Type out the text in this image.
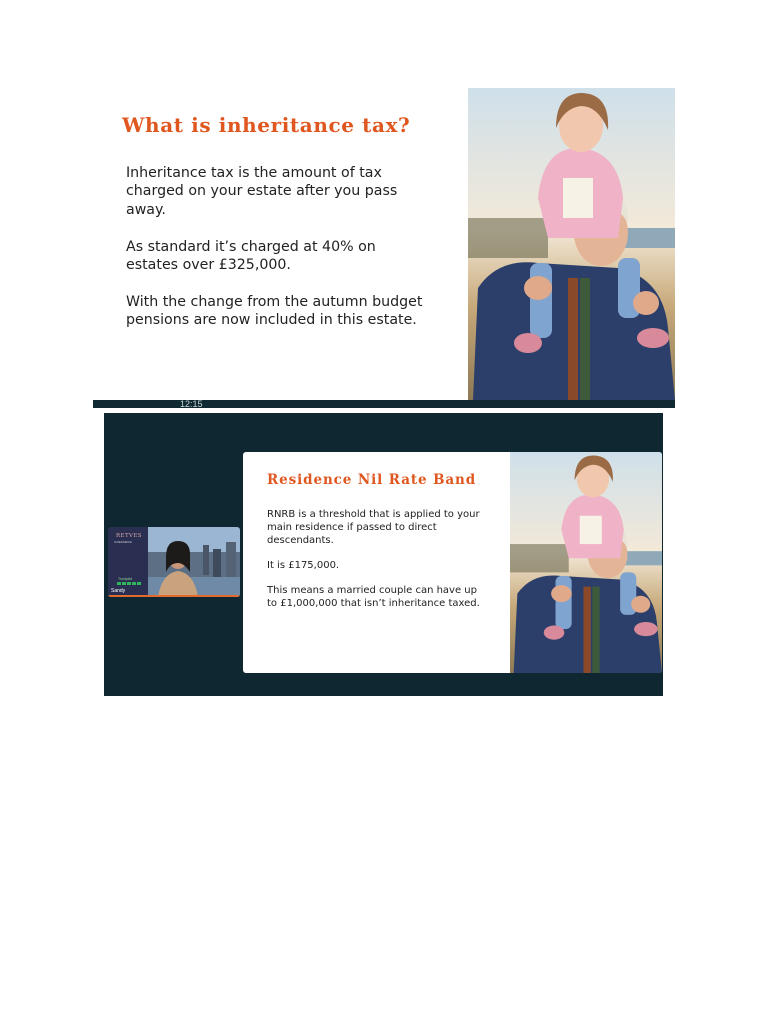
What is inheritance tax?

Inheritance tax is the amount of tax charged on your estate after you pass away.

As standard it’s charged at 40% on estates over £325,000.

With the change from the autumn budget pensions are now included in this estate.

12:15
RETVES
IN RESIDENCE
Trustpilot
Sandy
Residence Nil Rate Band

RNRB is a threshold that is applied to your main residence if passed to direct descendants.

It is £175,000.

This means a married couple can have up to £1,000,000 that isn’t inheritance taxed.
